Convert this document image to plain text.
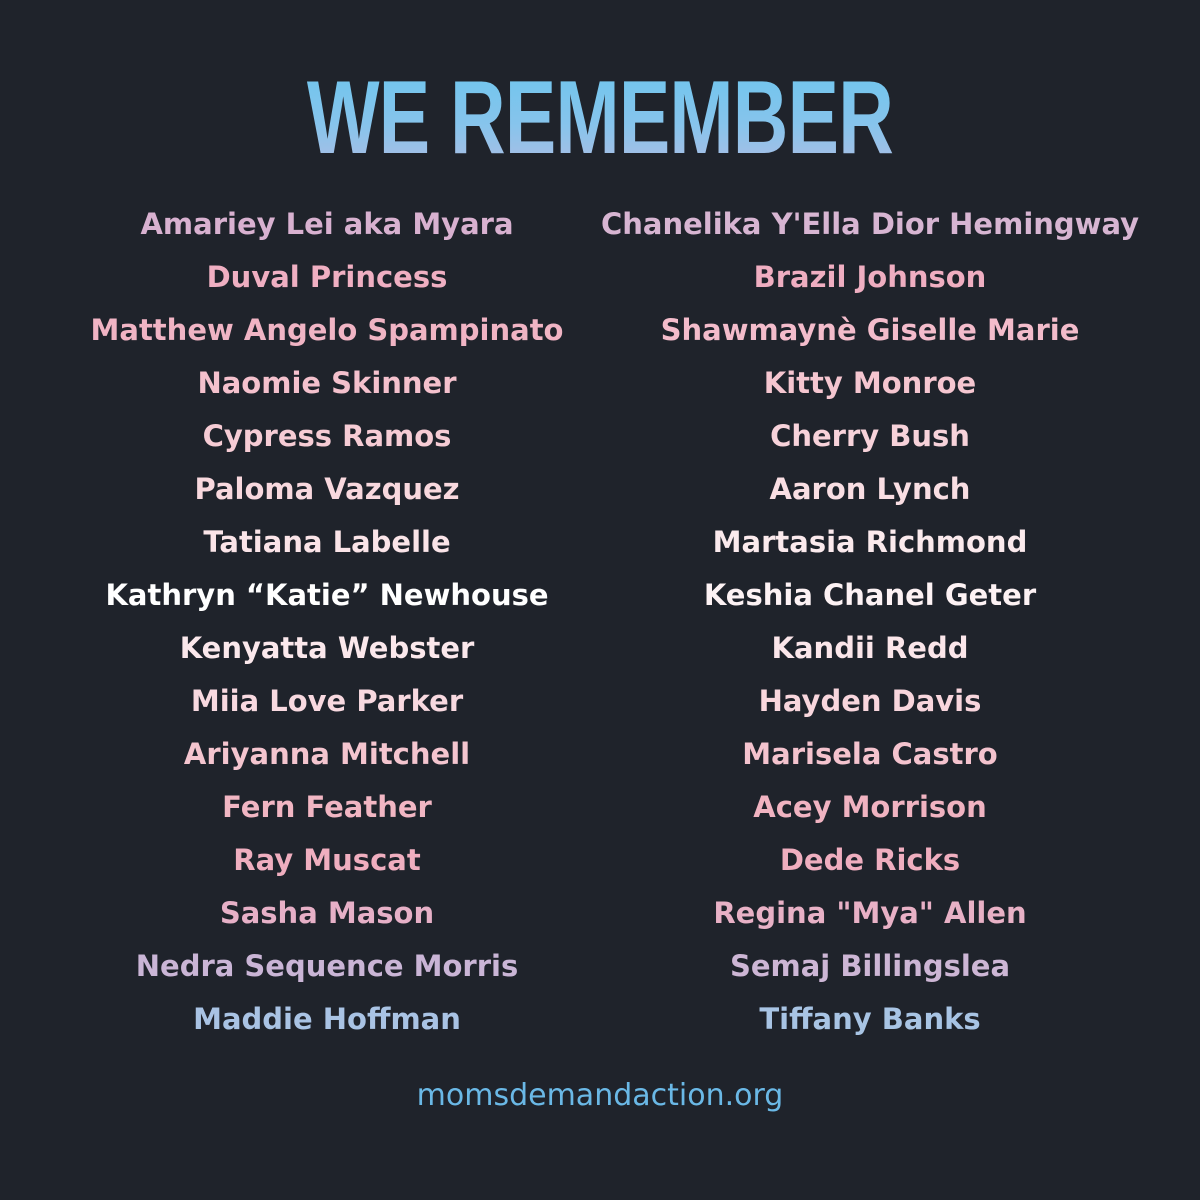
WE REMEMBER
Amariey Lei aka Myara
Duval Princess
Matthew Angelo Spampinato
Naomie Skinner
Cypress Ramos
Paloma Vazquez
Tatiana Labelle
Kathryn “Katie” Newhouse
Kenyatta Webster
Miia Love Parker
Ariyanna Mitchell
Fern Feather
Ray Muscat
Sasha Mason
Nedra Sequence Morris
Maddie Hoffman
Chanelika Y'Ella Dior Hemingway
Brazil Johnson
Shawmaynè Giselle Marie
Kitty Monroe
Cherry Bush
Aaron Lynch
Martasia Richmond
Keshia Chanel Geter
Kandii Redd
Hayden Davis
Marisela Castro
Acey Morrison
Dede Ricks
Regina "Mya" Allen
Semaj Billingslea
Tiffany Banks
momsdemandaction.org
